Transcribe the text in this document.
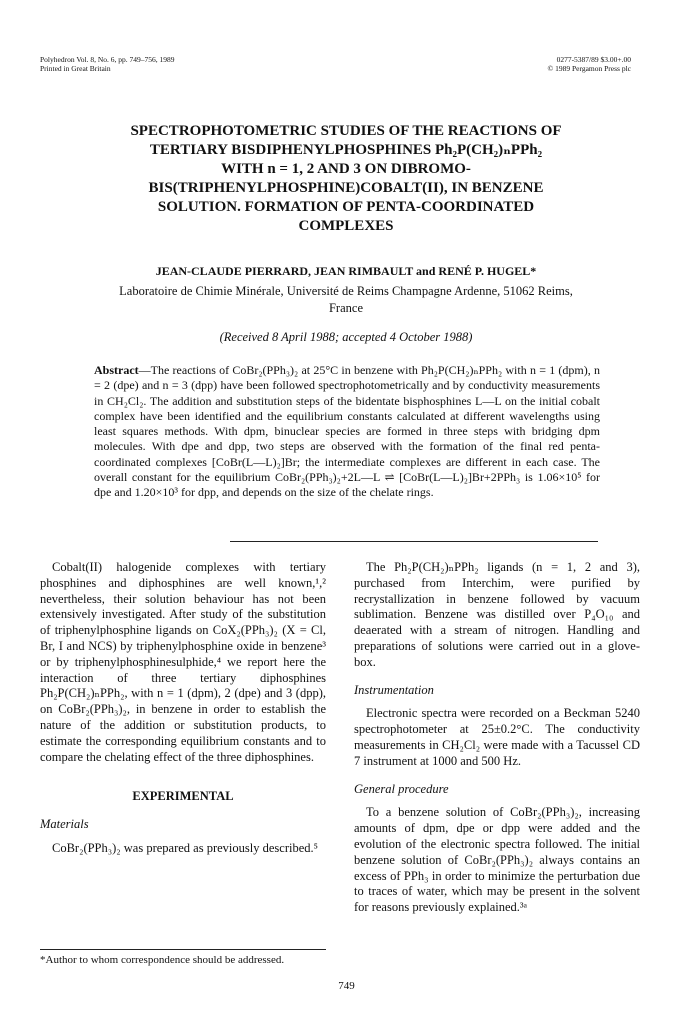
Polyhedron Vol. 8, No. 6, pp. 749–756, 1989
Printed in Great Britain
0277-5387/89 $3.00+.00
© 1989 Pergamon Press plc
SPECTROPHOTOMETRIC STUDIES OF THE REACTIONS OF
TERTIARY BISDIPHENYLPHOSPHINES Ph₂P(CH₂)ₙPPh₂
WITH n = 1, 2 AND 3 ON DIBROMO-
BIS(TRIPHENYLPHOSPHINE)COBALT(II), IN BENZENE
SOLUTION. FORMATION OF PENTA-COORDINATED
COMPLEXES
JEAN-CLAUDE PIERRARD, JEAN RIMBAULT and RENÉ P. HUGEL*
Laboratoire de Chimie Minérale, Université de Reims Champagne Ardenne, 51062 Reims,
France
(Received 8 April 1988; accepted 4 October 1988)
Abstract—The reactions of CoBr₂(PPh₃)₂ at 25°C in benzene with Ph₂P(CH₂)ₙPPh₂ with n = 1 (dpm), n = 2 (dpe) and n = 3 (dpp) have been followed spectrophotometrically and by conductivity measurements in CH₂Cl₂. The addition and substitution steps of the bidentate bisphosphines L—L on the initial cobalt complex have been identified and the equilibrium constants calculated at different wavelengths using least squares methods. With dpm, binuclear species are formed in three steps with bridging dpm molecules. With dpe and dpp, two steps are observed with the formation of the final red penta-coordinated complexes [CoBr(L—L)₂]Br; the intermediate complexes are different in each case. The overall constant for the equilibrium CoBr₂(PPh₃)₂+2L—L ⇌ [CoBr(L—L)₂]Br+2PPh₃ is 1.06×10⁵ for dpe and 1.20×10³ for dpp, and depends on the size of the chelate rings.

Cobalt(II) halogenide complexes with tertiary phosphines and diphosphines are well known,¹,² nevertheless, their solution behaviour has not been extensively investigated. After study of the substitution of triphenylphosphine ligands on CoX₂(PPh₃)₂ (X = Cl, Br, I and NCS) by triphenylphosphine oxide in benzene³ or by triphenylphosphinesulphide,⁴ we report here the interaction of three tertiary diphosphines Ph₂P(CH₂)ₙPPh₂, with n = 1 (dpm), 2 (dpe) and 3 (dpp), on CoBr₂(PPh₃)₂, in benzene in order to establish the nature of the addition or substitution products, to estimate the corresponding equilibrium constants and to compare the chelating effect of the three diphosphines.

EXPERIMENTAL

Materials

CoBr₂(PPh₃)₂ was prepared as previously described.⁵

The Ph₂P(CH₂)ₙPPh₂ ligands (n = 1, 2 and 3), purchased from Interchim, were purified by recrystallization in benzene followed by vacuum sublimation. Benzene was distilled over P₄O₁₀ and deaerated with a stream of nitrogen. Handling and preparations of solutions were carried out in a glove-box.

Instrumentation

Electronic spectra were recorded on a Beckman 5240 spectrophotometer at 25±0.2°C. The conductivity measurements in CH₂Cl₂ were made with a Tacussel CD 7 instrument at 1000 and 500 Hz.

General procedure

To a benzene solution of CoBr₂(PPh₃)₂, increasing amounts of dpm, dpe or dpp were added and the evolution of the electronic spectra followed. The initial benzene solution of CoBr₂(PPh₃)₂ always contains an excess of PPh₃ in order to minimize the perturbation due to traces of water, which may be present in the solvent for reasons previously explained.³ᵃ

*Author to whom correspondence should be addressed.
749
